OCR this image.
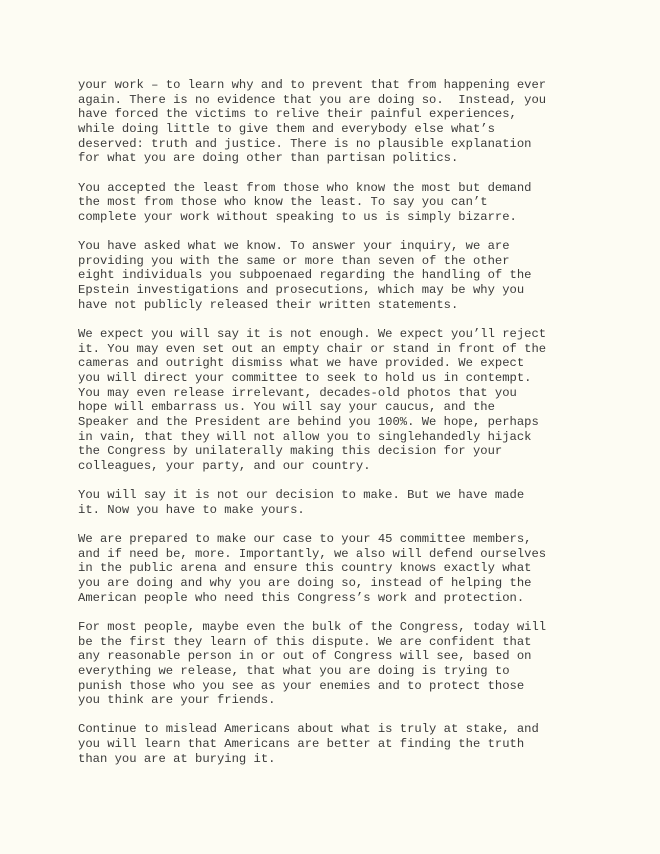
your work – to learn why and to prevent that from happening ever
again. There is no evidence that you are doing so.  Instead, you
have forced the victims to relive their painful experiences,
while doing little to give them and everybody else what’s
deserved: truth and justice. There is no plausible explanation
for what you are doing other than partisan politics.

You accepted the least from those who know the most but demand
the most from those who know the least. To say you can’t
complete your work without speaking to us is simply bizarre.

You have asked what we know. To answer your inquiry, we are
providing you with the same or more than seven of the other
eight individuals you subpoenaed regarding the handling of the
Epstein investigations and prosecutions, which may be why you
have not publicly released their written statements.

We expect you will say it is not enough. We expect you’ll reject
it. You may even set out an empty chair or stand in front of the
cameras and outright dismiss what we have provided. We expect
you will direct your committee to seek to hold us in contempt.
You may even release irrelevant, decades-old photos that you
hope will embarrass us. You will say your caucus, and the
Speaker and the President are behind you 100%. We hope, perhaps
in vain, that they will not allow you to singlehandedly hijack
the Congress by unilaterally making this decision for your
colleagues, your party, and our country.

You will say it is not our decision to make. But we have made
it. Now you have to make yours.

We are prepared to make our case to your 45 committee members,
and if need be, more. Importantly, we also will defend ourselves
in the public arena and ensure this country knows exactly what
you are doing and why you are doing so, instead of helping the
American people who need this Congress’s work and protection.

For most people, maybe even the bulk of the Congress, today will
be the first they learn of this dispute. We are confident that
any reasonable person in or out of Congress will see, based on
everything we release, that what you are doing is trying to
punish those who you see as your enemies and to protect those
you think are your friends.

Continue to mislead Americans about what is truly at stake, and
you will learn that Americans are better at finding the truth
than you are at burying it.
